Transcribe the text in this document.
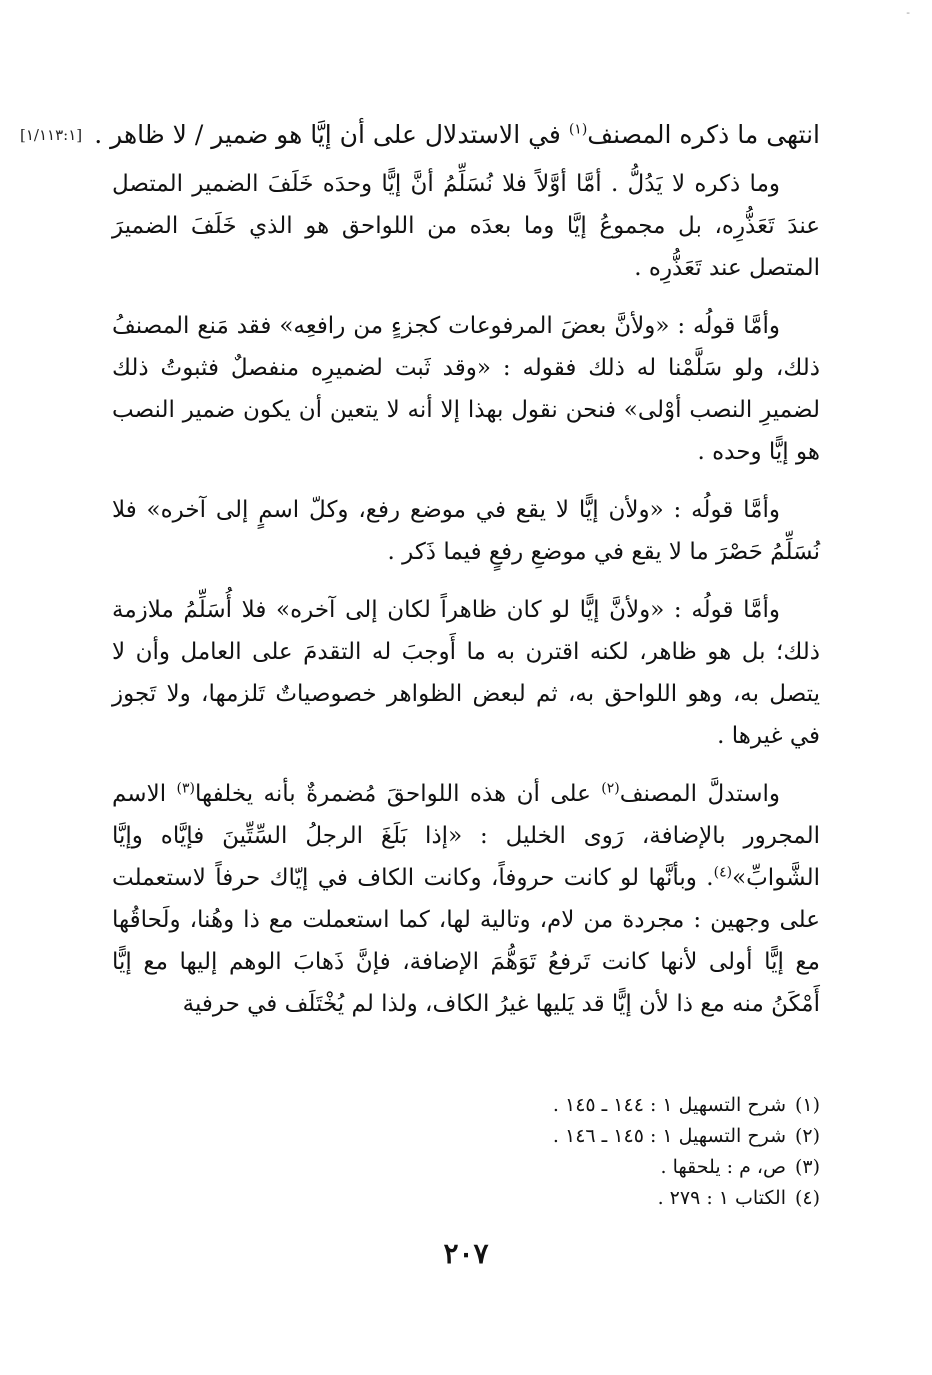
-
انتهى ما ذكره المصنف$^{(١)}$ في الاستدلال على أن إيَّا هو ضمير / لا ظاهر .
[١/١١٣:١]

وما ذكره لا يَدُلُّ . أمَّا أوَّلاً فلا نُسَلِّمُ أنَّ إيًّا وحدَه خَلَفَ الضمير المتصل عندَ تَعَذُّرِه، بل مجموعُ إيَّا وما بعدَه من اللواحق هو الذي خَلَفَ الضميرَ المتصل عند تَعَذُّرِه .

وأمَّا قولُه : «ولأنَّ بعضَ المرفوعات كجزءٍ من رافعِه» فقد مَنع المصنفُ ذلك، ولو سَلَّمْنا له ذلك فقوله : «وقد ثَبت لضميرِه منفصلٌ فثبوتُ ذلك لضميرِ النصب أوْلى» فنحن نقول بهذا إلا أنه لا يتعين أن يكون ضمير النصب هو إيًّا وحده .

وأمَّا قولُه : «ولأن إيًّا لا يقع في موضع رفع، وكلّ اسمٍ إلى آخره» فلا نُسَلِّمُ حَصْرَ ما لا يقع في موضعِ رفعٍ فيما ذَكر .

وأمَّا قولُه : «ولأنَّ إيًّا لو كان ظاهراً لكان إلى آخره» فلا أُسَلِّمُ ملازمة ذلك؛ بل هو ظاهر، لكنه اقترن به ما أَوجبَ له التقدمَ على العامل وأن لا يتصل به، وهو اللواحق به، ثم لبعض الظواهر خصوصياتٌ تَلزمها، ولا تَجوز في غيرها .

واستدلَّ المصنف$^{(٢)}$ على أن هذه اللواحقَ مُضمرةٌ بأنه يخلفها$^{(٣)}$ الاسم المجرور بالإضافة، رَوى الخليل : «إذا بَلَغَ الرجلُ السِّتِّينَ فإيَّاه وإيَّا الشَّوابِّ»$^{(٤)}$. وبأنَّها لو كانت حروفاً، وكانت الكاف في إيّاك حرفاً لاستعملت على وجهين : مجردة من لام، وتالية لها، كما استعملت مع ذا وهُنا، ولَحاقُها مع إيًّا أولى لأنها كانت تَرفعُ تَوَهُّمَ الإضافة، فإنَّ ذَهابَ الوهم إليها مع إيًّا أَمْكَنُ منه مع ذا لأن إيًّا قد يَليها غيرُ الكاف، ولذا لم يُخْتَلَف في حرفية

(١)شرح التسهيل ١ : ١٤٤ ـ ١٤٥ .

(٢)شرح التسهيل ١ : ١٤٥ ـ ١٤٦ .

(٣)ص، م : يلحقها .

(٤)الكتاب ١ : ٢٧٩ .

٢٠٧
